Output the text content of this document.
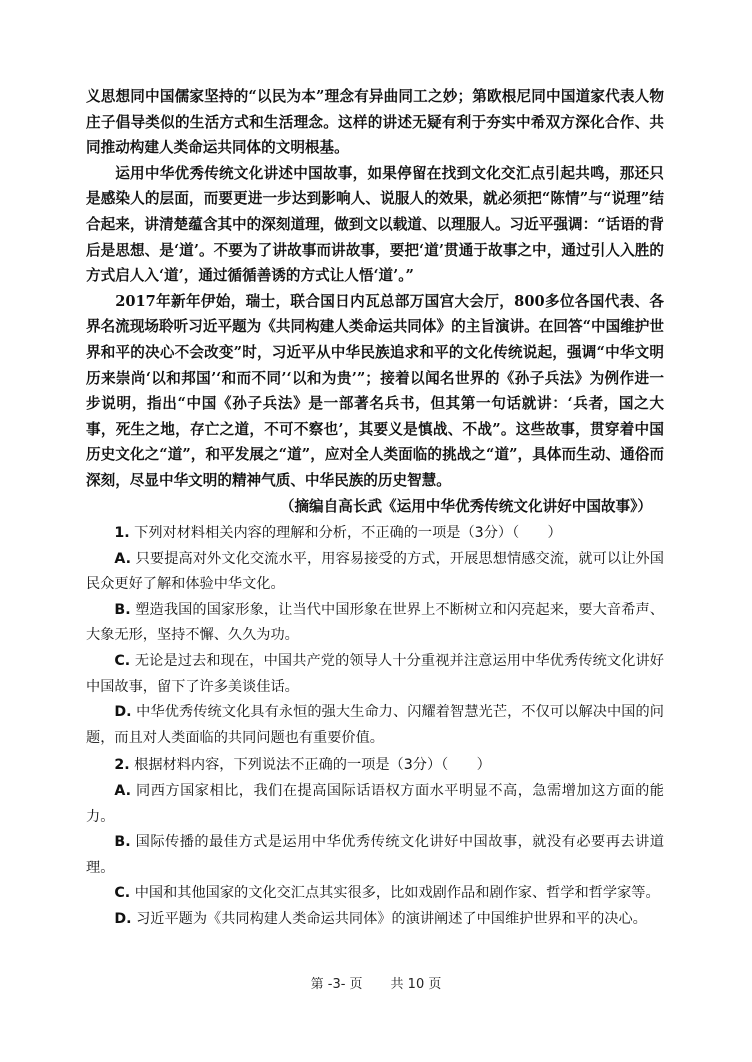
义思想同中国儒家坚持的“以民为本”理念有异曲同工之妙；第欧根尼同中国道家代表人物庄子倡导类似的生活方式和生活理念。这样的讲述无疑有利于夯实中希双方深化合作、共同推动构建人类命运共同体的文明根基。

运用中华优秀传统文化讲述中国故事，如果停留在找到文化交汇点引起共鸣，那还只是感染人的层面，而要更进一步达到影响人、说服人的效果，就必须把“陈情”与“说理”结合起来，讲清楚蕴含其中的深刻道理，做到文以载道、以理服人。习近平强调：“话语的背后是思想、是‘道’。不要为了讲故事而讲故事，要把‘道’贯通于故事之中，通过引人入胜的方式启人入‘道’，通过循循善诱的方式让人悟‘道’。”

2017年新年伊始，瑞士，联合国日内瓦总部万国宫大会厅，800多位各国代表、各界名流现场聆听习近平题为《共同构建人类命运共同体》的主旨演讲。在回答“中国维护世界和平的决心不会改变”时，习近平从中华民族追求和平的文化传统说起，强调“中华文明历来崇尚‘以和邦国’‘和而不同’‘以和为贵’”；接着以闻名世界的《孙子兵法》为例作进一步说明，指出“中国《孙子兵法》是一部著名兵书，但其第一句话就讲：‘兵者，国之大事，死生之地，存亡之道，不可不察也’，其要义是慎战、不战”。这些故事，贯穿着中国历史文化之“道”，和平发展之“道”，应对全人类面临的挑战之“道”，具体而生动、通俗而深刻，尽显中华文明的精神气质、中华民族的历史智慧。

（摘编自高长武《运用中华优秀传统文化讲好中国故事》）

1. 下列对材料相关内容的理解和分析，不正确的一项是（3分）（　　）

A. 只要提高对外文化交流水平，用容易接受的方式，开展思想情感交流，就可以让外国民众更好了解和体验中华文化。

B. 塑造我国的国家形象，让当代中国形象在世界上不断树立和闪亮起来，要大音希声、大象无形，坚持不懈、久久为功。

C. 无论是过去和现在，中国共产党的领导人十分重视并注意运用中华优秀传统文化讲好中国故事，留下了许多美谈佳话。

D. 中华优秀传统文化具有永恒的强大生命力、闪耀着智慧光芒，不仅可以解决中国的问题，而且对人类面临的共同问题也有重要价值。

2. 根据材料内容，下列说法不正确的一项是（3分）（　　）

A. 同西方国家相比，我们在提高国际话语权方面水平明显不高，急需增加这方面的能力。

B. 国际传播的最佳方式是运用中华优秀传统文化讲好中国故事，就没有必要再去讲道理。

C. 中国和其他国家的文化交汇点其实很多，比如戏剧作品和剧作家、哲学和哲学家等。

D. 习近平题为《共同构建人类命运共同体》的演讲阐述了中国维护世界和平的决心。

第 -3- 页 共 10 页
